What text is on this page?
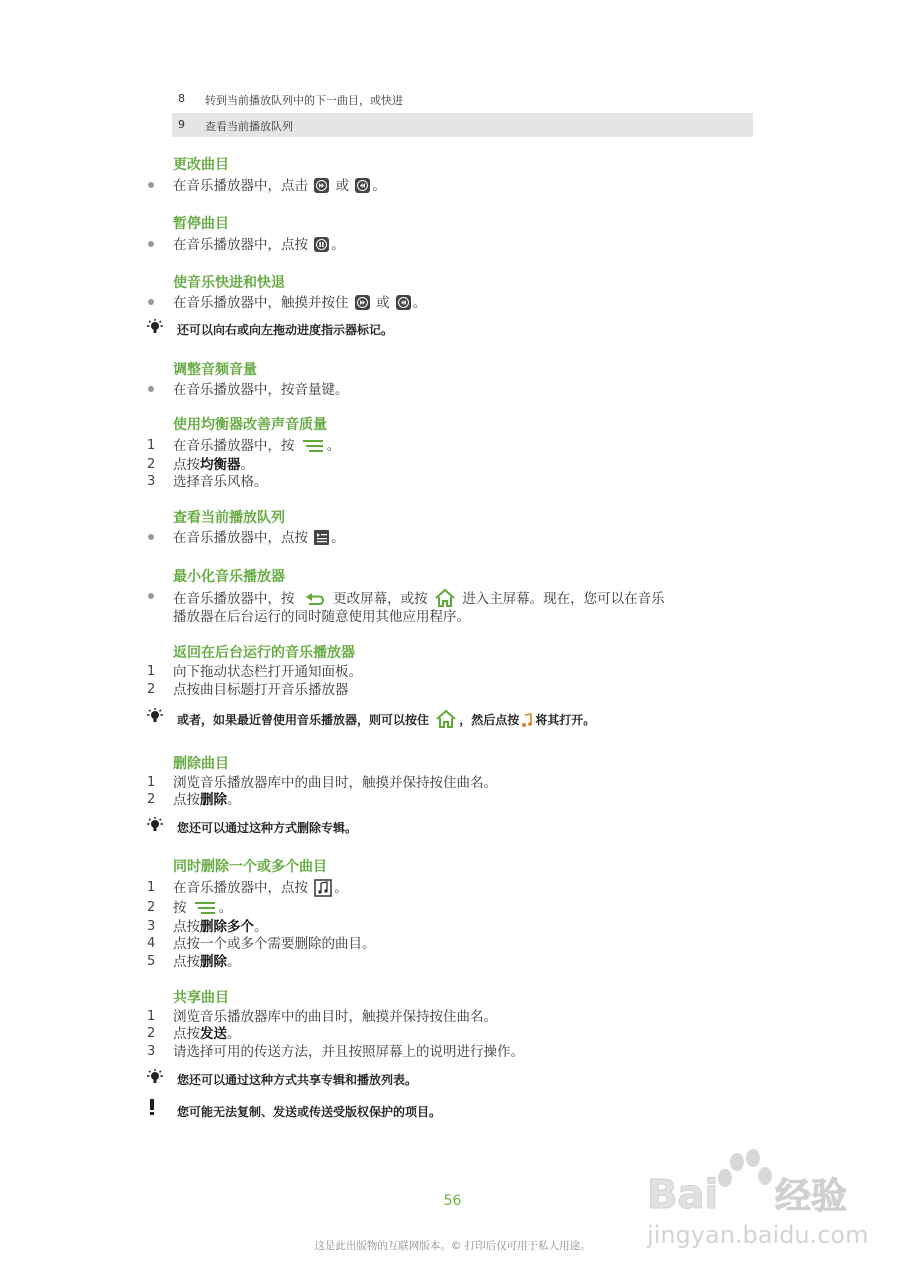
8 转到当前播放队列中的下一曲目，或快进
9 查看当前播放队列
更改曲目
在音乐播放器中，点击 或 。
暂停曲目
在音乐播放器中，点按 。
使音乐快进和快退
在音乐播放器中，触摸并按住 或 。
还可以向右或向左拖动进度指示器标记。
调整音频音量
在音乐播放器中，按音量键。
使用均衡器改善声音质量
1 在音乐播放器中，按 。
2 点按均衡器。
3 选择音乐风格。
查看当前播放队列
在音乐播放器中，点按 。
最小化音乐播放器
在音乐播放器中，按	更改屏幕，或按	进入主屏幕。现在，您可以在音乐
播放器在后台运行的同时随意使用其他应用程序。
返回在后台运行的音乐播放器
1 向下拖动状态栏打开通知面板。
2 点按曲目标题打开音乐播放器
或者，如果最近曾使用音乐播放器，则可以按住	，然后点按 将其打开。
删除曲目
1 浏览音乐播放器库中的曲目时，触摸并保持按住曲名。
2 点按删除。
您还可以通过这种方式删除专辑。
同时删除一个或多个曲目
1 在音乐播放器中，点按 。
2 按 。
3 点按删除多个。
4 点按一个或多个需要删除的曲目。
5 点按删除。
共享曲目
1 浏览音乐播放器库中的曲目时，触摸并保持按住曲名。
2 点按发送。
3 请选择可用的传送方法，并且按照屏幕上的说明进行操作。
您还可以通过这种方式共享专辑和播放列表。
您可能无法复制、发送或传送受版权保护的项目。
Bai 经验
jingyan.baidu.com
56
这是此出版物的互联网版本。© 打印后仅可用于私人用途。
